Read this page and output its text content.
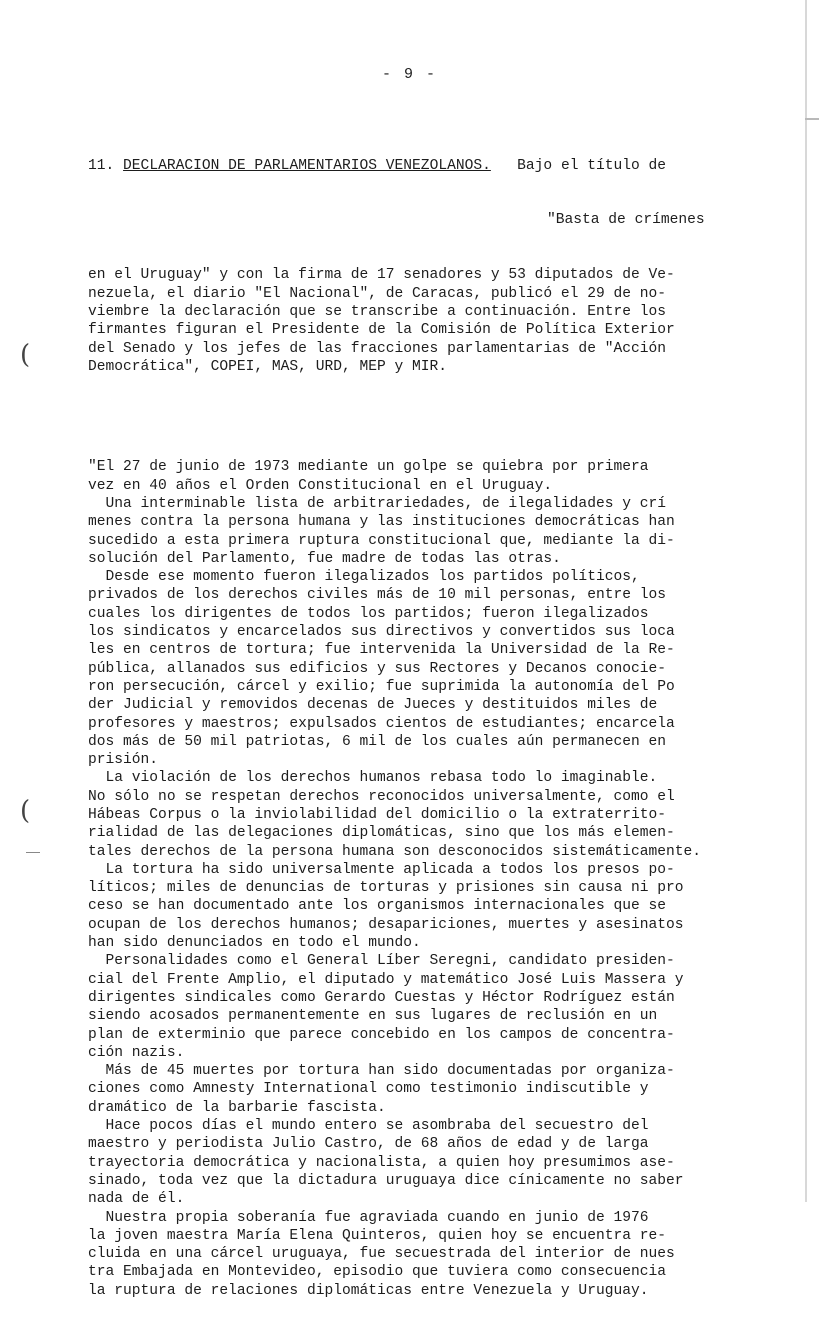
(
(
- 9 -

11. DECLARACION DE PARLAMENTARIOS VENEZOLANOS. Bajo el título de

"Basta de crímenes

en el Uruguay" y con la firma de 17 senadores y 53 diputados de Ve-
nezuela, el diario "El Nacional", de Caracas, publicó el 29 de no-
viembre la declaración que se transcribe a continuación. Entre los
firmantes figuran el Presidente de la Comisión de Política Exterior
del Senado y los jefes de las fracciones parlamentarias de "Acción
Democrática", COPEI, MAS, URD, MEP y MIR.

"El 27 de junio de 1973 mediante un golpe se quiebra por primera
vez en 40 años el Orden Constitucional en el Uruguay.
Una interminable lista de arbitrariedades, de ilegalidades y crí
menes contra la persona humana y las instituciones democráticas han
sucedido a esta primera ruptura constitucional que, mediante la di-
solución del Parlamento, fue madre de todas las otras.
Desde ese momento fueron ilegalizados los partidos políticos,
privados de los derechos civiles más de 10 mil personas, entre los
cuales los dirigentes de todos los partidos; fueron ilegalizados
los sindicatos y encarcelados sus directivos y convertidos sus loca
les en centros de tortura; fue intervenida la Universidad de la Re-
pública, allanados sus edificios y sus Rectores y Decanos conocie-
ron persecución, cárcel y exilio; fue suprimida la autonomía del Po
der Judicial y removidos decenas de Jueces y destituidos miles de
profesores y maestros; expulsados cientos de estudiantes; encarcela
dos más de 50 mil patriotas, 6 mil de los cuales aún permanecen en
prisión.
La violación de los derechos humanos rebasa todo lo imaginable.
No sólo no se respetan derechos reconocidos universalmente, como el
Hábeas Corpus o la inviolabilidad del domicilio o la extraterrito-
rialidad de las delegaciones diplomáticas, sino que los más elemen-
tales derechos de la persona humana son desconocidos sistemáticamente.
La tortura ha sido universalmente aplicada a todos los presos po-
líticos; miles de denuncias de torturas y prisiones sin causa ni pro
ceso se han documentado ante los organismos internacionales que se
ocupan de los derechos humanos; desapariciones, muertes y asesinatos
han sido denunciados en todo el mundo.
Personalidades como el General Líber Seregni, candidato presiden-
cial del Frente Amplio, el diputado y matemático José Luis Massera y
dirigentes sindicales como Gerardo Cuestas y Héctor Rodríguez están
siendo acosados permanentemente en sus lugares de reclusión en un
plan de exterminio que parece concebido en los campos de concentra-
ción nazis.
Más de 45 muertes por tortura han sido documentadas por organiza-
ciones como Amnesty International como testimonio indiscutible y
dramático de la barbarie fascista.
Hace pocos días el mundo entero se asombraba del secuestro del
maestro y periodista Julio Castro, de 68 años de edad y de larga
trayectoria democrática y nacionalista, a quien hoy presumimos ase-
sinado, toda vez que la dictadura uruguaya dice cínicamente no saber
nada de él.
Nuestra propia soberanía fue agraviada cuando en junio de 1976
la joven maestra María Elena Quinteros, quien hoy se encuentra re-
cluida en una cárcel uruguaya, fue secuestrada del interior de nues
tra Embajada en Montevideo, episodio que tuviera como consecuencia
la ruptura de relaciones diplomáticas entre Venezuela y Uruguay.
